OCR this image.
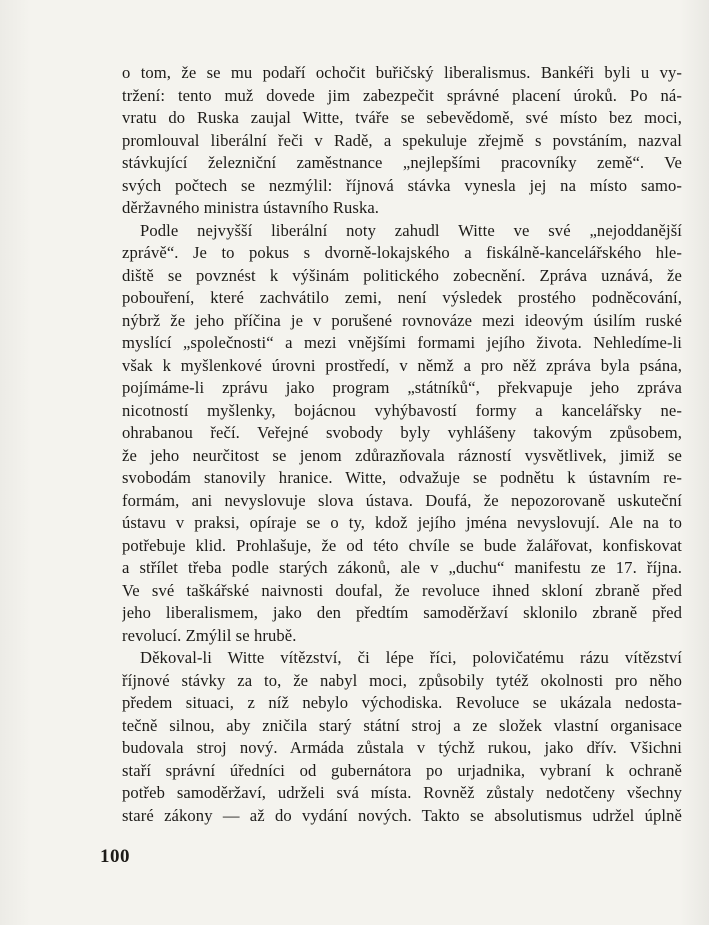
o tom, že se mu podaří ochočit buřičský liberalismus. Bankéři byli u vy-
tržení: tento muž dovede jim zabezpečit správné placení úroků. Po ná-
vratu do Ruska zaujal Witte, tváře se sebevědomě, své místo bez moci,
promlouval liberální řeči v Radě, a spekuluje zřejmě s povstáním, nazval
stávkující železniční zaměstnance „nejlepšími pracovníky země“. Ve
svých počtech se nezmýlil: říjnová stávka vynesla jej na místo samo-
děržavného ministra ústavního Ruska.
Podle nejvyšší liberální noty zahudl Witte ve své „nejoddanější
zprávě“. Je to pokus s dvorně-lokajského a fiskálně-kancelářského hle-
diště se povznést k výšinám politického zobecnění. Zpráva uznává, že
pobouření, které zachvátilo zemi, není výsledek prostého podněcování,
nýbrž že jeho příčina je v porušené rovnováze mezi ideovým úsilím ruské
myslící „společnosti“ a mezi vnějšími formami jejího života. Nehledíme-li
však k myšlenkové úrovni prostředí, v němž a pro něž zpráva byla psána,
pojímáme-li zprávu jako program „státníků“, překvapuje jeho zpráva
nicotností myšlenky, bojácnou vyhýbavostí formy a kancelářsky ne-
ohrabanou řečí. Veřejné svobody byly vyhlášeny takovým způsobem,
že jeho neurčitost se jenom zdůrazňovala rázností vysvětlivek, jimiž se
svobodám stanovily hranice. Witte, odvažuje se podnětu k ústavním re-
formám, ani nevyslovuje slova ústava. Doufá, že nepozorovaně uskuteční
ústavu v praksi, opíraje se o ty, kdož jejího jména nevyslovují. Ale na to
potřebuje klid. Prohlašuje, že od této chvíle se bude žalářovat, konfiskovat
a střílet třeba podle starých zákonů, ale v „duchu“ manifestu ze 17. října.
Ve své taškářské naivnosti doufal, že revoluce ihned skloní zbraně před
jeho liberalismem, jako den předtím samoděržaví sklonilo zbraně před
revolucí. Zmýlil se hrubě.
Děkoval-li Witte vítězství, či lépe říci, polovičatému rázu vítězství
říjnové stávky za to, že nabyl moci, způsobily tytéž okolnosti pro něho
předem situaci, z níž nebylo východiska. Revoluce se ukázala nedosta-
tečně silnou, aby zničila starý státní stroj a ze složek vlastní organisace
budovala stroj nový. Armáda zůstala v týchž rukou, jako dřív. Všichni
staří správní úředníci od gubernátora po urjadnika, vybraní k ochraně
potřeb samoděržaví, udrželi svá místa. Rovněž zůstaly nedotčeny všechny
staré zákony — až do vydání nových. Takto se absolutismus udržel úplně
100
